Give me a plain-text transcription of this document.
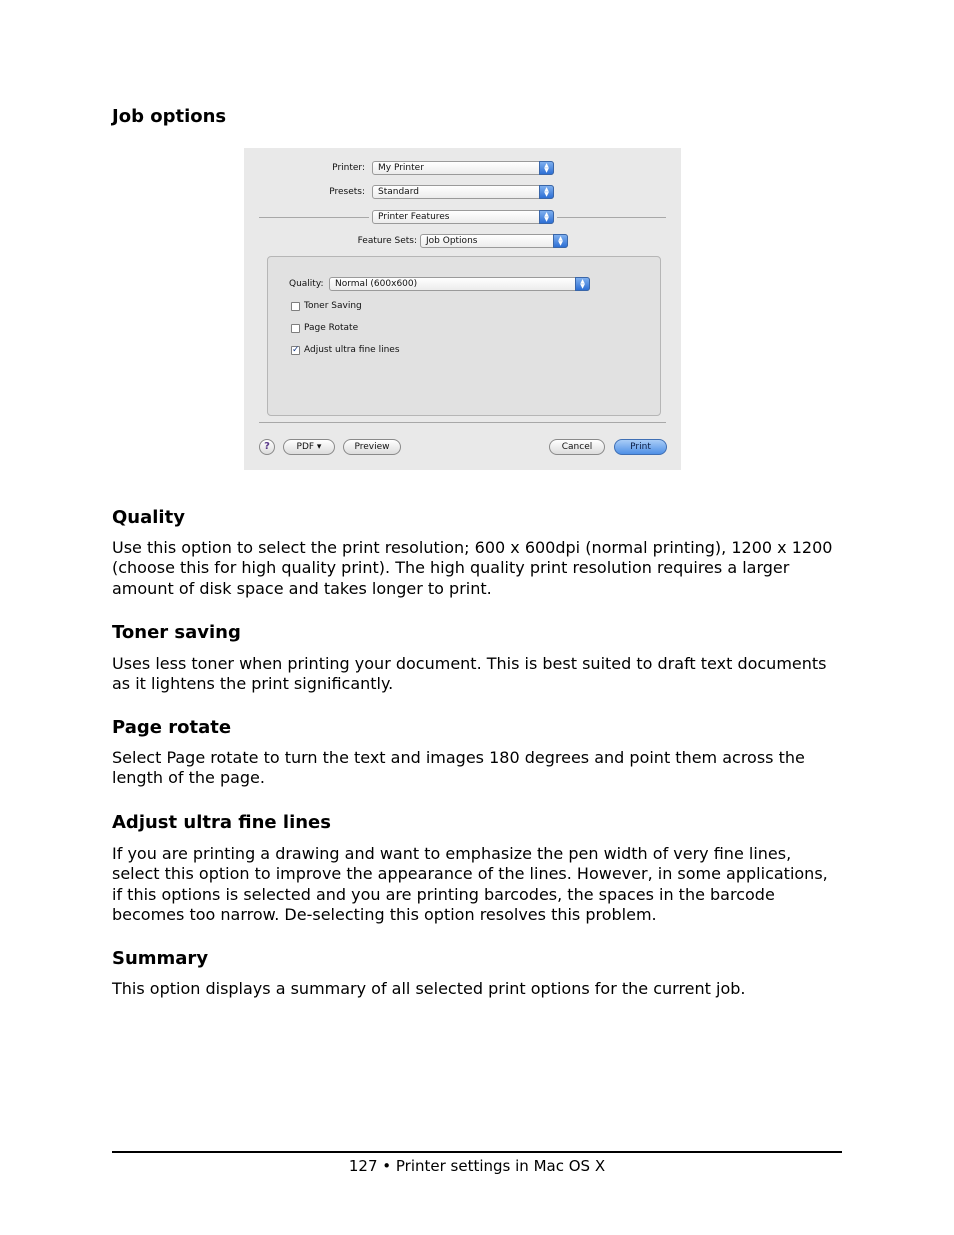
Job options
Printer:	My Printer	▲
▼
Presets:	Standard	▲
▼
Printer Features	▲
▼
Feature Sets:	Job Options	▲
▼
Quality:	Normal (600x600)	▲
▼
Toner Saving
Page Rotate
✓ Adjust ultra fine lines
?	PDF ▾	Preview	Cancel	Print
Quality

Use this option to select the print resolution; 600 x 600dpi (normal printing), 1200 x 1200 (choose this for high quality print). The high quality print resolution requires a larger amount of disk space and takes longer to print.

Toner saving

Uses less toner when printing your document. This is best suited to draft text documents as it lightens the print significantly.

Page rotate

Select Page rotate to turn the text and images 180 degrees and point them across the length of the page.

Adjust ultra fine lines

If you are printing a drawing and want to emphasize the pen width of very fine lines, select this option to improve the appearance of the lines. However, in some applications, if this options is selected and you are printing barcodes, the spaces in the barcode becomes too narrow. De-selecting this option resolves this problem.

Summary

This option displays a summary of all selected print options for the current job.

127 • Printer settings in Mac OS X
